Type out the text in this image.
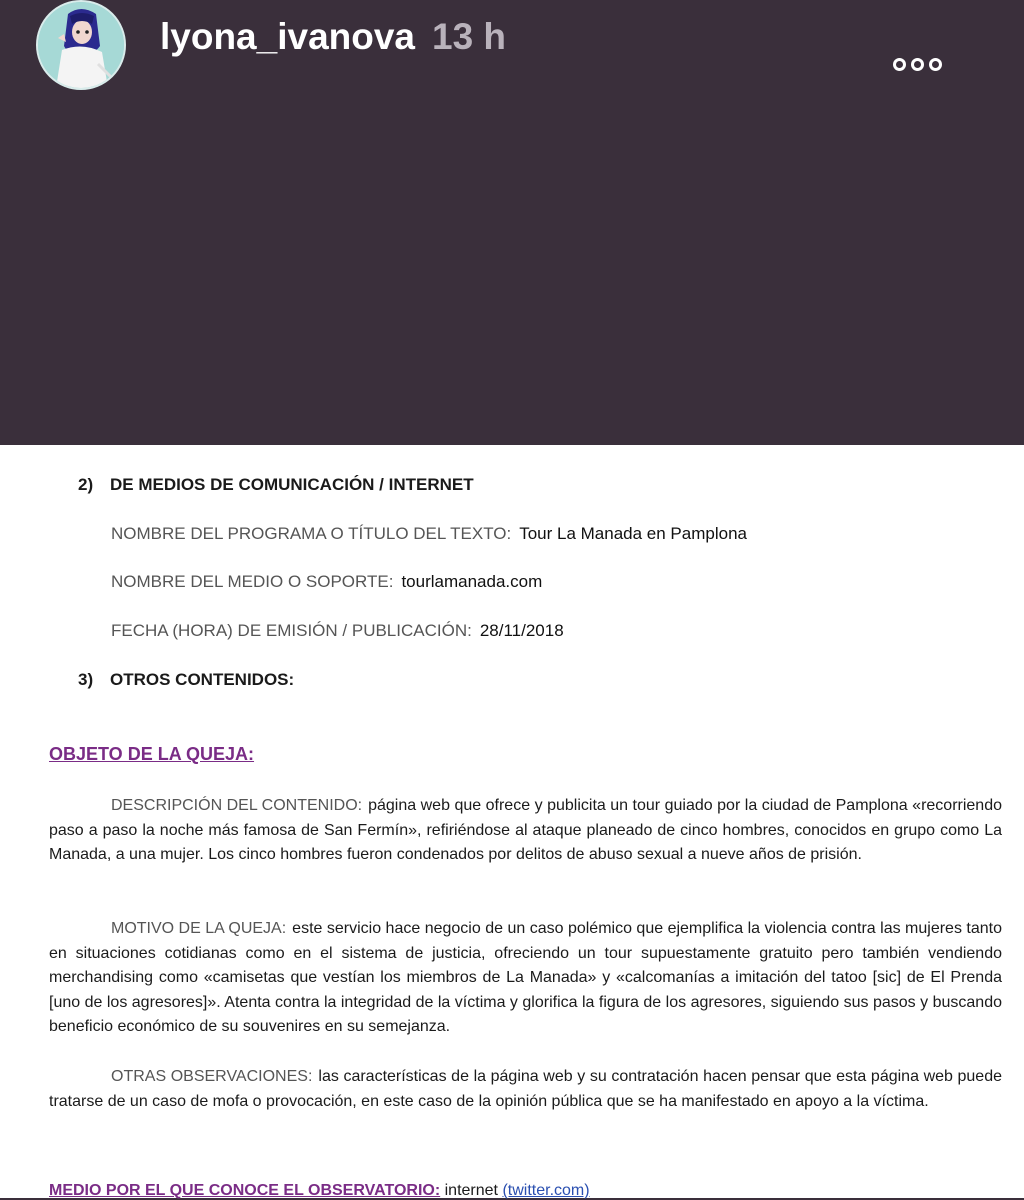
lyona_ivanova 13 h
2) DE MEDIOS DE COMUNICACIÓN / INTERNET
NOMBRE DEL PROGRAMA O TÍTULO DEL TEXTO: Tour La Manada en Pamplona
NOMBRE DEL MEDIO O SOPORTE: tourlamanada.com
FECHA (HORA) DE EMISIÓN / PUBLICACIÓN: 28/11/2018
3) OTROS CONTENIDOS:
OBJETO DE LA QUEJA:

DESCRIPCIÓN DEL CONTENIDO: página web que ofrece y publicita un tour guiado por la ciudad de Pamplona «recorriendo paso a paso la noche más famosa de San Fermín», refiriéndose al ataque planeado de cinco hombres, conocidos en grupo como La Manada, a una mujer. Los cinco hombres fueron condenados por delitos de abuso sexual a nueve años de prisión.

MOTIVO DE LA QUEJA: este servicio hace negocio de un caso polémico que ejemplifica la violencia contra las mujeres tanto en situaciones cotidianas como en el sistema de justicia, ofreciendo un tour supuestamente gratuito pero también vendiendo merchandising como «camisetas que vestían los miembros de La Manada» y «calcomanías a imitación del tatoo [sic] de El Prenda [uno de los agresores]». Atenta contra la integridad de la víctima y glorifica la figura de los agresores, siguiendo sus pasos y buscando beneficio económico de su souvenires en su semejanza.

OTRAS OBSERVACIONES: las características de la página web y su contratación hacen pensar que esta página web puede tratarse de un caso de mofa o provocación, en este caso de la opinión pública que se ha manifestado en apoyo a la víctima.

MEDIO POR EL QUE CONOCE EL OBSERVATORIO: internet (twitter.com)
